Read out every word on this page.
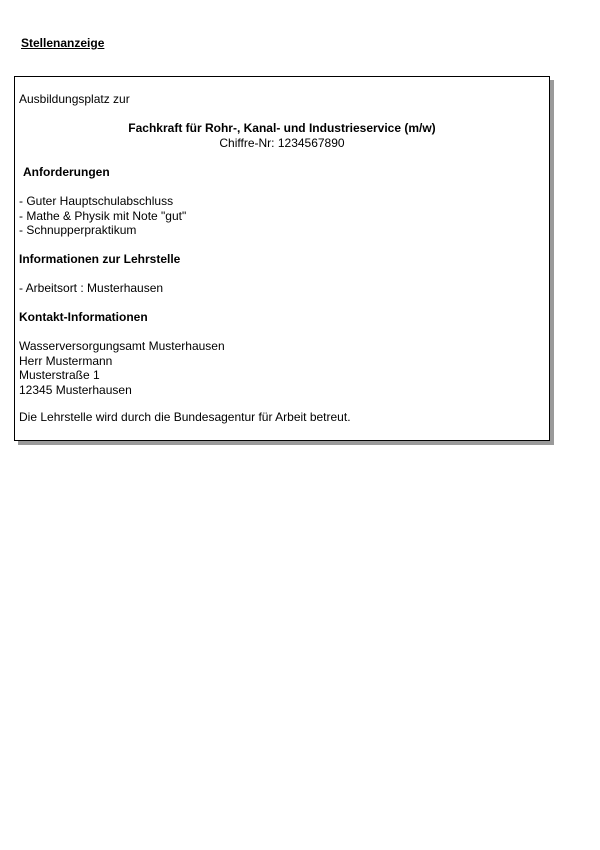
Stellenanzeige
Ausbildungsplatz zur
Fachkraft für Rohr-, Kanal- und Industrieservice (m/w)
Chiffre-Nr: 1234567890
Anforderungen
- Guter Hauptschulabschluss
- Mathe & Physik mit Note "gut"
- Schnupperpraktikum
Informationen zur Lehrstelle
- Arbeitsort : Musterhausen
Kontakt-Informationen
Wasserversorgungsamt Musterhausen
Herr Mustermann
Musterstraße 1
12345 Musterhausen
Die Lehrstelle wird durch die Bundesagentur für Arbeit betreut.
